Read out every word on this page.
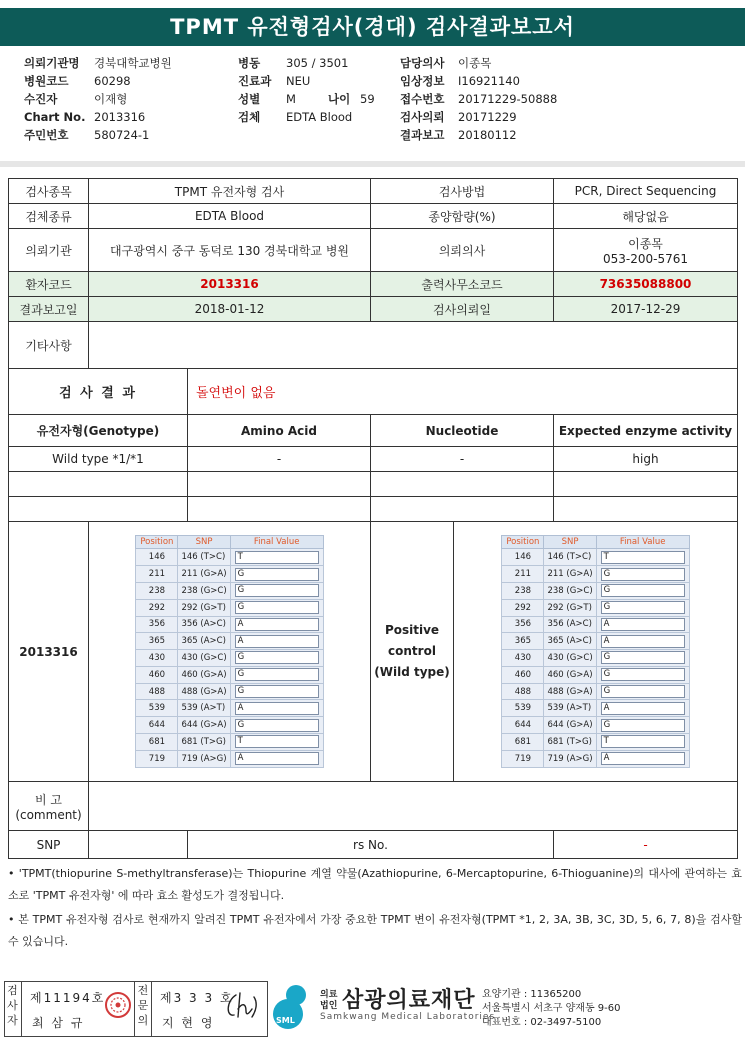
TPMT 유전형검사(경대) 검사결과보고서
의뢰기관명 경북대학교병원
병원코드 60298
수진자	이재형
Chart No. 2013316
주민번호 580724-1
병동 305 / 3501
진료과 NEU
성별 M	나이 59
검체 EDTA Blood
담당의사 이종목
임상정보 I16921140
접수번호 20171229-50888
검사의뢰 20171229
결과보고 20180112
검사종목	TPMT 유전자형 검사	검사방법	PCR, Direct Sequencing
검체종류	EDTA Blood	종양함량(%)	해당없음
의뢰기관	대구광역시 중구 동덕로 130 경북대학교 병원	의뢰의사	이종목
053-200-5761

환자코드	2013316	출력사무소코드	73635088800
결과보고일	2018-01-12	검사의뢰일	2017-12-29
기타사항	
검 사 결 과	돌연변이 없음
유전자형(Genotype)	Amino Acid	Nucleotide	Expected enzyme activity
Wild type *1/*1	-	-	high

2013316	
Position	SNP	Final Value
146	146 (T>C)	T

211	211 (G>A)	G

238	238 (G>C)	G

292	292 (G>T)	G

356	356 (A>C)	A

365	365 (A>C)	A

430	430 (G>C)	G

460	460 (G>A)	G

488	488 (G>A)	G

539	539 (A>T)	A

644	644 (G>A)	G

681	681 (T>G)	T

719	719 (A>G)	A

Positive
control
(Wild type)

Position	SNP	Final Value
146	146 (T>C)	T

211	211 (G>A)	G

238	238 (G>C)	G

292	292 (G>T)	G

356	356 (A>C)	A

365	365 (A>C)	A

430	430 (G>C)	G

460	460 (G>A)	G

488	488 (G>A)	G

539	539 (A>T)	A

644	644 (G>A)	G

681	681 (T>G)	T

719	719 (A>G)	A

비 고
(comment)

SNP		rs No.	-

• 'TPMT(thiopurine S-methyltransferase)는 Thiopurine 계열 약물(Azathiopurine, 6-Mercaptopurine, 6-Thioguanine)의 대사에 관여하는 효소로 'TPMT 유전자형' 에 따라 효소 활성도가 결정됩니다.

• 본 TPMT 유전자형 검사로 현재까지 알려진 TPMT 유전자에서 가장 중요한 TPMT 변이 유전자형(TPMT *1, 2, 3A, 3B, 3C, 3D, 5, 6, 7, 8)을 검사할 수 있습니다.

검사자
제11194호
최 삼 규
전문의
제3 3 3 호
지 현 영	SML
의료
법인 삼광의료재단
Samkwang Medical Laboratories
요양기관 : 11365200
서울특별시 서초구 양재동 9-60
대표번호 : 02-3497-5100
